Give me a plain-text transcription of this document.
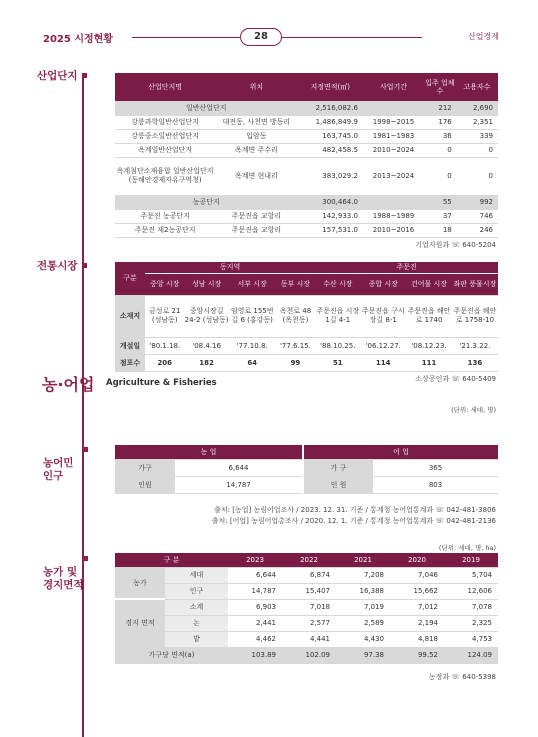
2025 시정현황	28	산업경제
산업단지
산업단지명	위치	지정면적(㎡)	사업기간	입주 업체수	고용자수
일반산업단지		2,516,082.6		212	2,690
강릉과학일반산업단지	대전동, 사천면 방동리	1,486,849.9	1998~2015	176	2,351
강릉중소일반산업단지	입암동	163,745.0	1981~1983	36	339
옥계일반산업단지	옥계면 주수리	482,458.5	2010~2024	0	0
옥계첨단소재융합 일반산업단지 (동해안경제자유구역청)	옥계면 현내리	383,029.2	2013~2024	0	0
농공단지		300,464.0		55	992
주문진 농공단지	주문진읍 교항리	142,933.0	1988~1989	37	746
주문진 제2농공단지	주문진읍 교항리	157,531.0	2010~2016	18	246
기업지원과 ☏ 640-5204
전통시장
구분	동지역				주문진			
	중앙 시장	성남 시장	서부 시장	동부 시장	수산 시장	종합 시장	건어물 시장	좌판 풍물시장
소재지	금성로 21 (성남동)	중앙시장길 24-2 (성남동)	임영로 155번길 6 (홍강동)	옥천로 48 (옥천동)	주문진읍 시장1길 4-1	주문진읍 구시장길 8-1	주문진읍 해안로 1740	주문진읍 해안로 1758-10
개설일	'80.1.18.	'08.4.16	'77.10.8.	'77.6.15.	'88.10.25.	'06.12.27.	'08.12.23.	'21.3.22.
점포수	206	182	64	99	51	114	111	136
소상공인과 ☏ 640-5409
농·어업 Agriculture & Fisheries
(단위: 세대, 명)

농어민
인구

농 업		어 업	
가구	6,644	가 구	365
인원	14,787	인 원	803
출처: [농업] 농림어업조사 / 2023. 12. 31. 기준 / 통계청 농어업통계과 ☏ 042-481-3806
출처: [어업] 농림어업총조사 / 2020. 12. 1. 기준 / 통계청 농어업통계과 ☏ 042-481-2136
(단위: 세대, 명, ha)

농가 및
경지면적

구 분		2023	2022	2021	2020	2019
농가	세대	6,644	6,874	7,208	7,046	5,704
	인구	14,787	15,407	16,388	15,662	12,606
경지 면적	소계	6,903	7,018	7,019	7,012	7,078
	논	2,441	2,577	2,589	2,194	2,325
	밭	4,462	4,441	4,430	4,818	4,753
가구당 면적(a)		103.89	102.09	97.38	99.52	124.09
농정과 ☏ 640-5398
